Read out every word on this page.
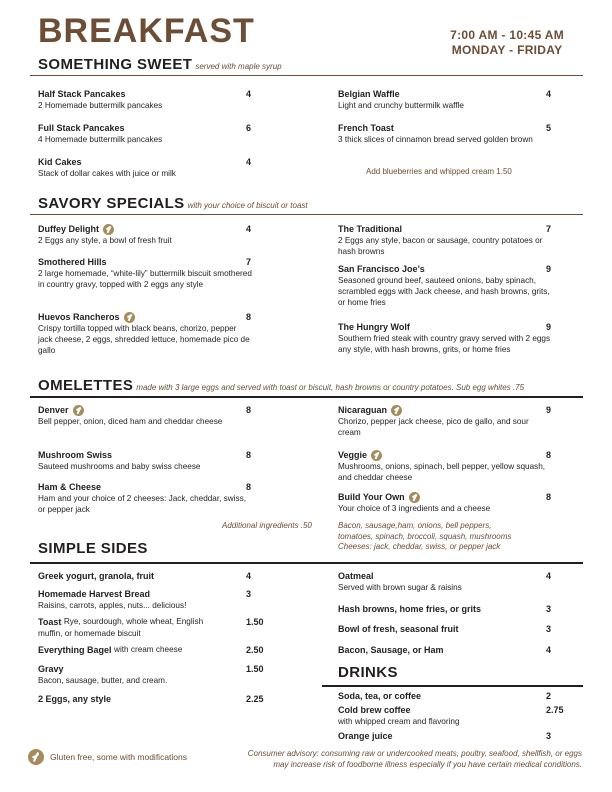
BREAKFAST	7:00 AM - 10:45 AM
MONDAY - FRIDAY
SOMETHING SWEET served with maple syrup
Half Stack Pancakes	4
2 Homemade buttermilk pancakes
Full Stack Pancakes	6
4 Homemade buttermilk pancakes
Kid Cakes	4
Stack of dollar cakes with juice or milk
Belgian Waffle	4
Light and crunchy buttermilk waffle
French Toast	5
3 thick slices of cinnamon bread served golden brown
Add blueberries and whipped cream 1.50
SAVORY SPECIALS with your choice of biscuit or toast
Duffey Delight	4
2 Eggs any style, a bowl of fresh fruit
Smothered Hills	7
2 large homemade, “white-lily” buttermilk biscuit smothered in country gravy, topped with 2 eggs any style
Huevos Rancheros	8
Crispy tortilla topped with black beans, chorizo, pepper jack cheese, 2 eggs, shredded lettuce, homemade pico de gallo
The Traditional	7
2 Eggs any style, bacon or sausage, country potatoes or hash browns
San Francisco Joe’s	9
Seasoned ground beef, sauteed onions, baby spinach, scrambled eggs with Jack cheese, and hash browns, grits, or home fries
The Hungry Wolf	9
Southern fried steak with country gravy served with 2 eggs any style, with hash browns, grits, or home fries
OMELETTES made with 3 large eggs and served with toast or biscuit, hash browns or country potatoes. Sub egg whites .75
Denver	8
Bell pepper, onion, diced ham and cheddar cheese
Mushroom Swiss	8
Sauteed mushrooms and baby swiss cheese
Ham & Cheese	8
Ham and your choice of 2 cheeses: Jack, cheddar, swiss, or pepper jack
Nicaraguan	9
Chorizo, pepper jack cheese, pico de gallo, and sour cream
Veggie	8
Mushrooms, onions, spinach, bell pepper, yellow squash, and cheddar cheese
Build Your Own	8
Your choice of 3 ingredients and a cheese
Additional ingredients .50	Bacon, sausage,ham, onions, bell peppers,
tomatoes, spinach, broccoli, squash, mushrooms
Cheeses: jack, cheddar, swiss, or pepper jack
SIMPLE SIDES
Greek yogurt, granola, fruit	4
Homemade Harvest Bread	3
Raisins, carrots, apples, nuts... delicious!
Toast
Rye, sourdough, whole wheat, English	1.50
muffin, or homemade biscuit
Everything Bagel
with cream cheese	2.50
Gravy	1.50
Bacon, sausage, butter, and cream.
2 Eggs, any style	2.25
Oatmeal	4
Served with brown sugar & raisins
Hash browns, home fries, or grits	3
Bowl of fresh, seasonal fruit	3
Bacon, Sausage, or Ham	4
DRINKS
Soda, tea, or coffee	2
Cold brew coffee	2.75
with whipped cream and flavoring
Orange juice	3
Gluten free, some with modifications	Consumer advisory: consuming raw or undercooked meats, poultry, seafood, shellfish, or eggs
may increase risk of foodborne illness especially if you have certain medical conditions.
